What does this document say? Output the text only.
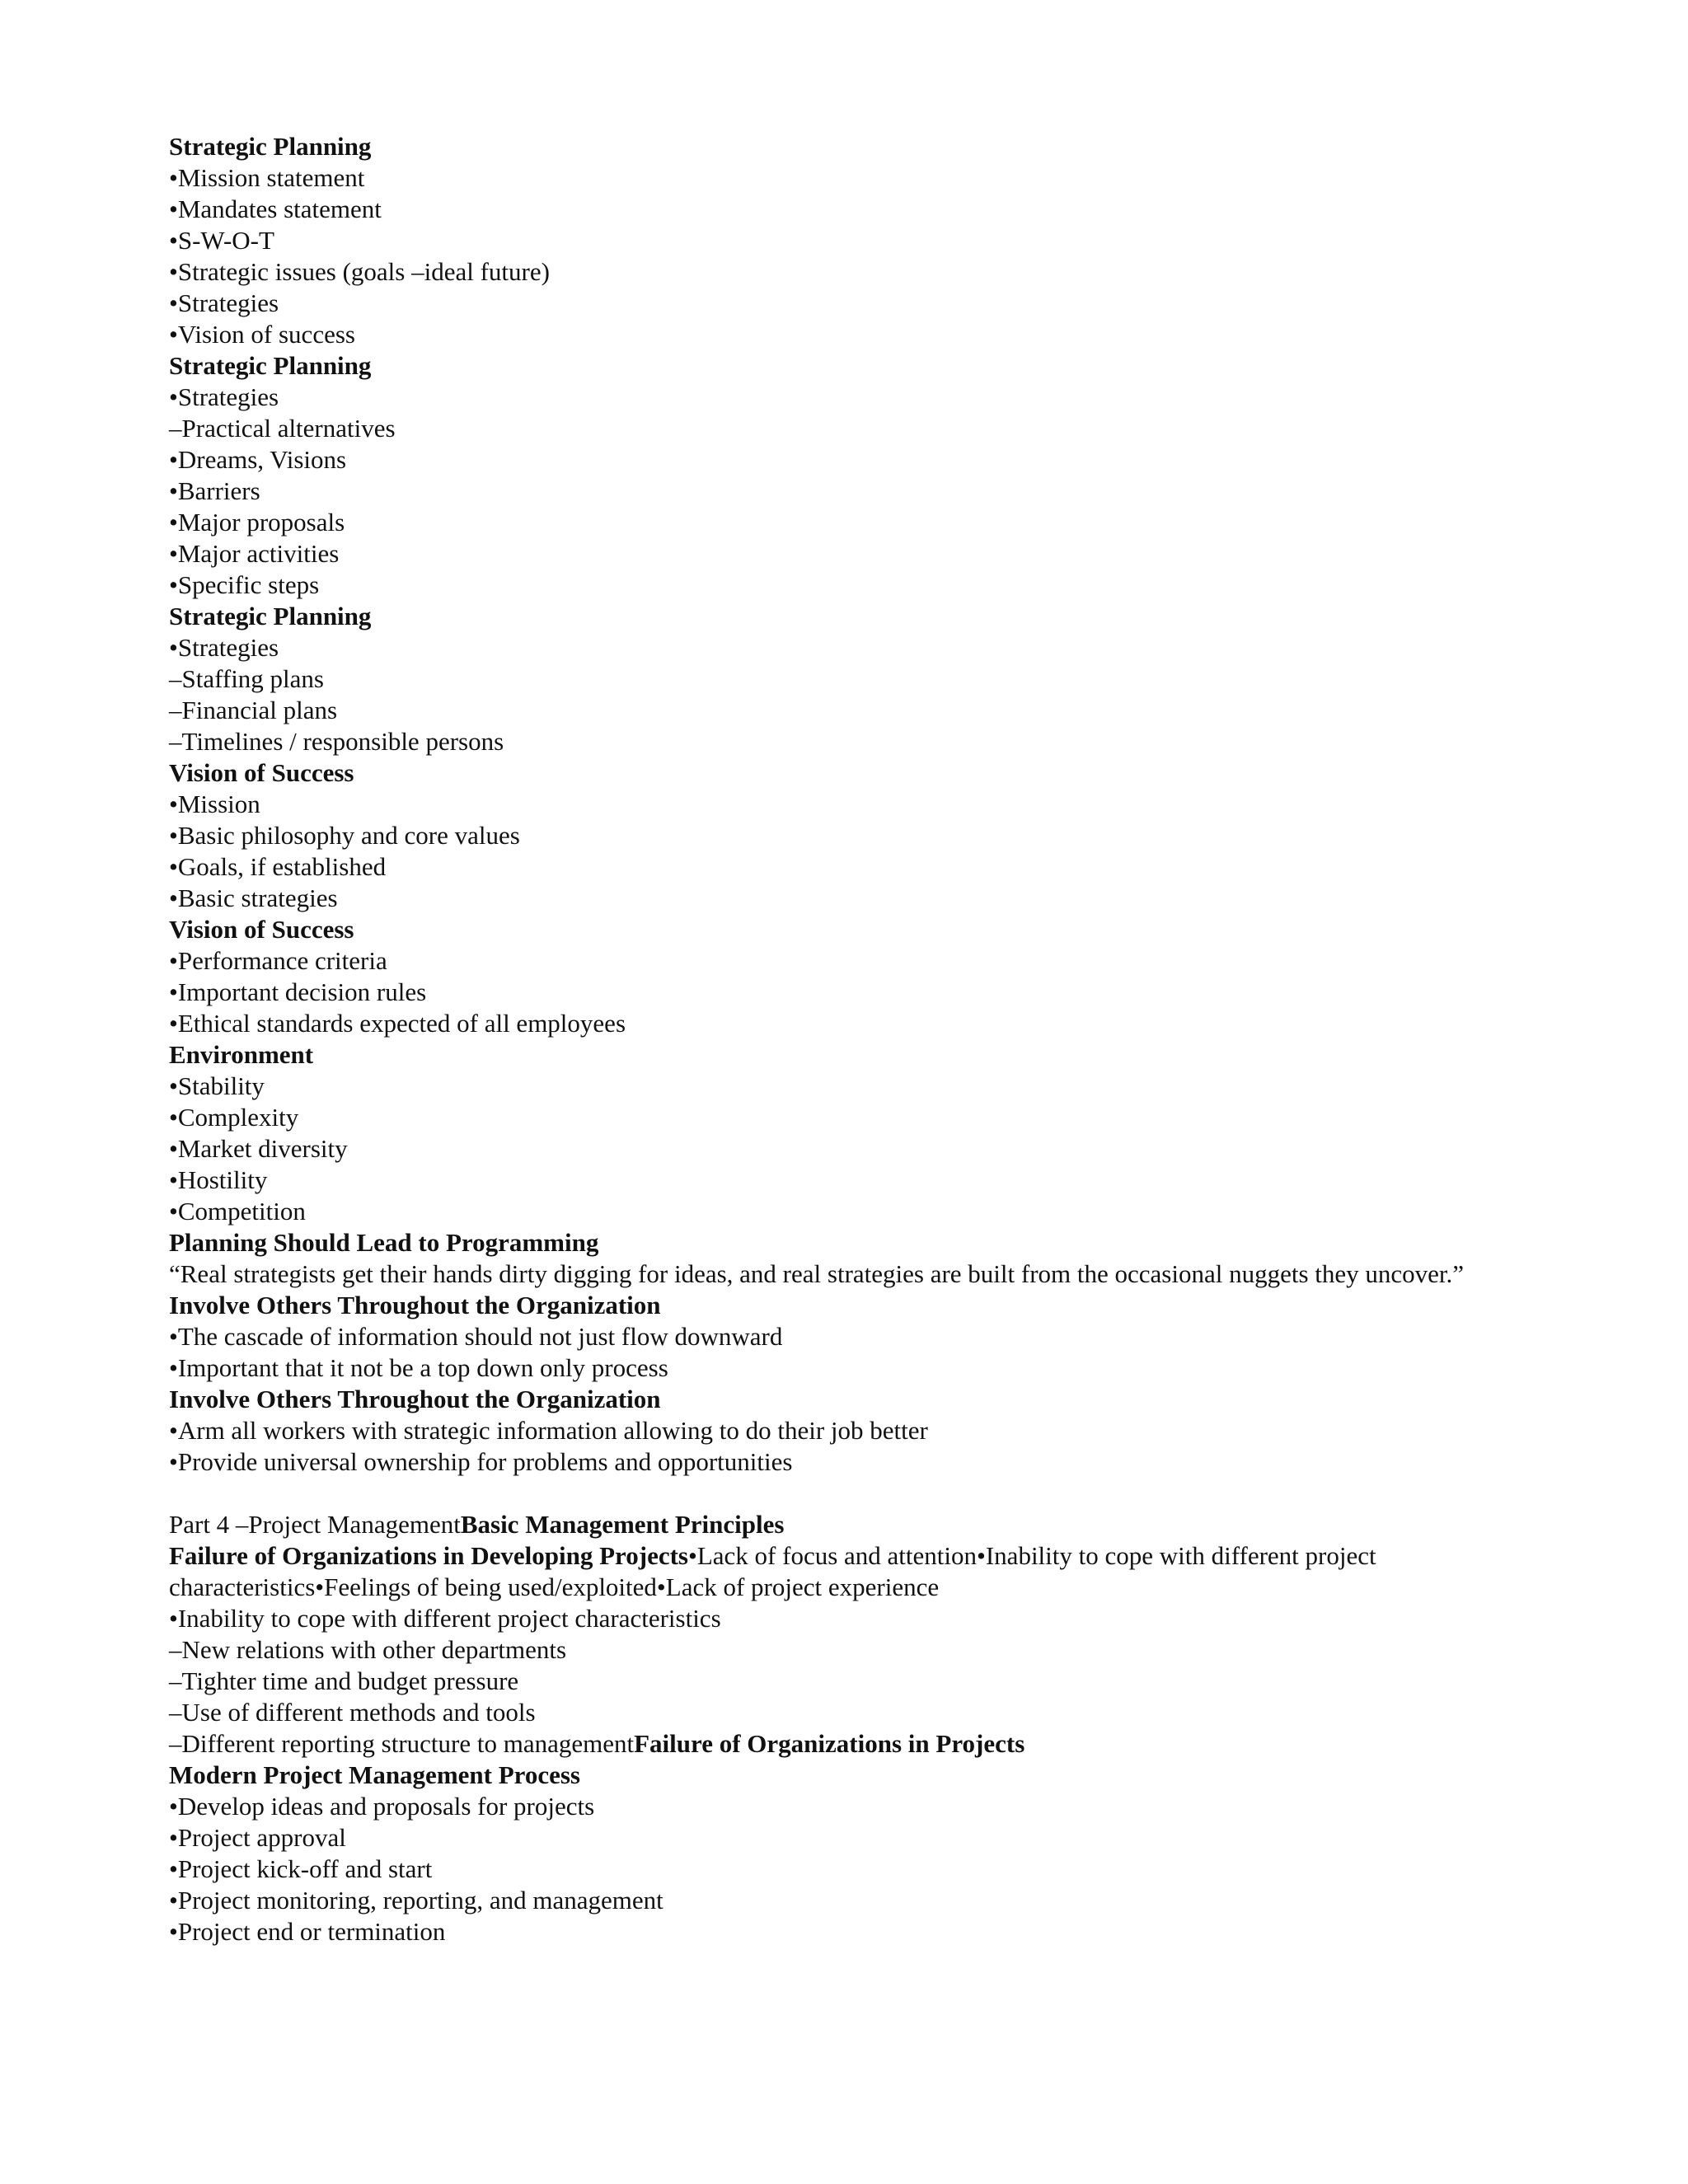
Strategic Planning
•Mission statement
•Mandates statement
•S-W-O-T
•Strategic issues (goals –ideal future)
•Strategies
•Vision of success
Strategic Planning
•Strategies
–Practical alternatives
•Dreams, Visions
•Barriers
•Major proposals
•Major activities
•Specific steps
Strategic Planning
•Strategies
–Staffing plans
–Financial plans
–Timelines / responsible persons
Vision of Success
•Mission
•Basic philosophy and core values
•Goals, if established
•Basic strategies
Vision of Success
•Performance criteria
•Important decision rules
•Ethical standards expected of all employees
Environment
•Stability
•Complexity
•Market diversity
•Hostility
•Competition
Planning Should Lead to Programming
“Real strategists get their hands dirty digging for ideas, and real strategies are built from the occasional nuggets they uncover.”
Involve Others Throughout the Organization
•The cascade of information should not just flow downward
•Important that it not be a top down only process
Involve Others Throughout the Organization
•Arm all workers with strategic information allowing to do their job better
•Provide universal ownership for problems and opportunities
Part 4 –Project ManagementBasic Management Principles
Failure of Organizations in Developing Projects•Lack of focus and attention•Inability to cope with different project characteristics•Feelings of being used/exploited•Lack of project experience
•Inability to cope with different project characteristics
–New relations with other departments
–Tighter time and budget pressure
–Use of different methods and tools
–Different reporting structure to managementFailure of Organizations in Projects
Modern Project Management Process
•Develop ideas and proposals for projects
•Project approval
•Project kick-off and start
•Project monitoring, reporting, and management
•Project end or termination
